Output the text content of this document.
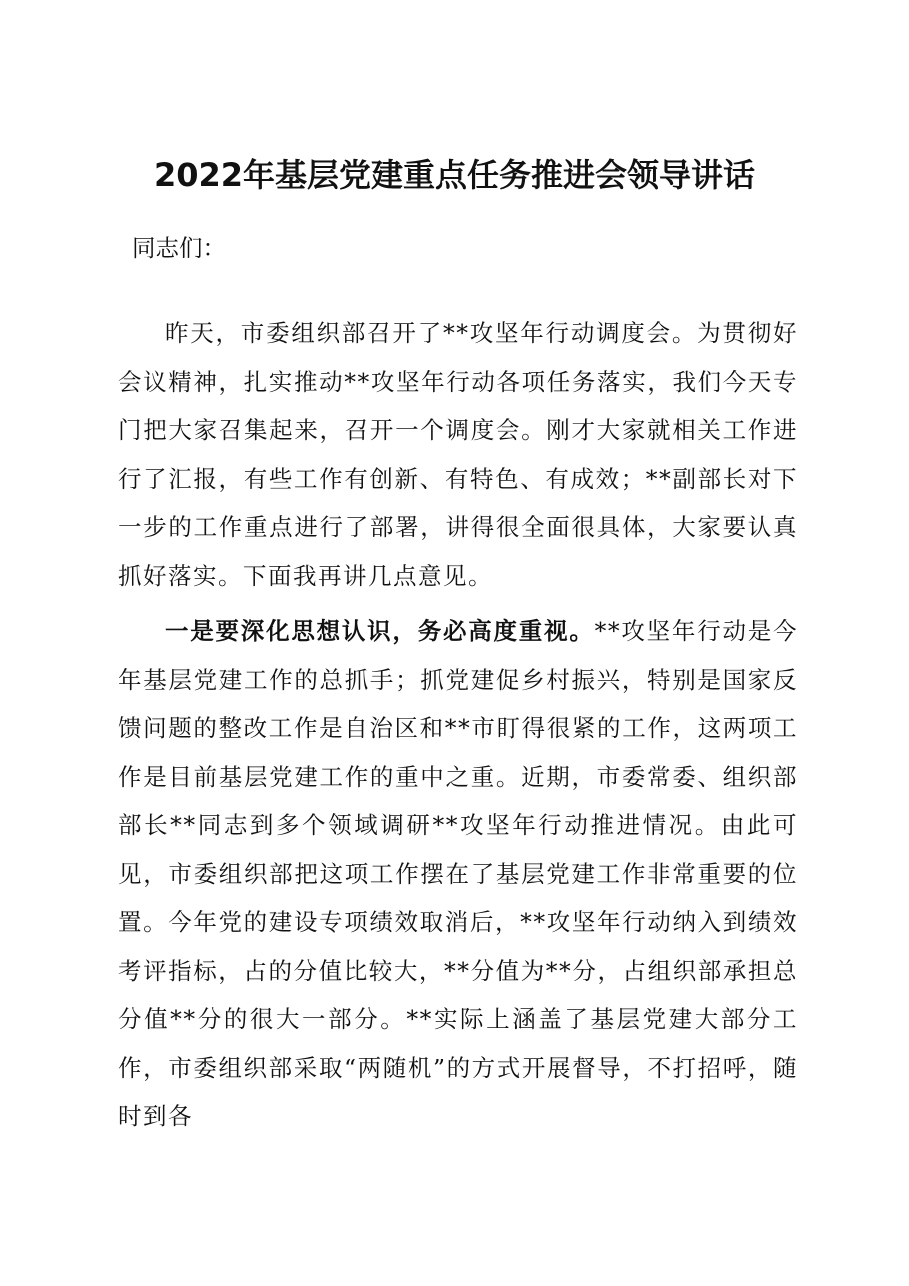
2022年基层党建重点任务推进会领导讲话
同志们：

昨天，市委组织部召开了**攻坚年行动调度会。为贯彻好会议精神，扎实推动**攻坚年行动各项任务落实，我们今天专门把大家召集起来，召开一个调度会。刚才大家就相关工作进行了汇报，有些工作有创新、有特色、有成效；**副部长对下一步的工作重点进行了部署，讲得很全面很具体，大家要认真抓好落实。下面我再讲几点意见。

一是要深化思想认识，务必高度重视。**攻坚年行动是今年基层党建工作的总抓手；抓党建促乡村振兴，特别是国家反馈问题的整改工作是自治区和**市盯得很紧的工作，这两项工作是目前基层党建工作的重中之重。近期，市委常委、组织部部长**同志到多个领域调研**攻坚年行动推进情况。由此可见，市委组织部把这项工作摆在了基层党建工作非常重要的位置。今年党的建设专项绩效取消后，**攻坚年行动纳入到绩效考评指标，占的分值比较大，**分值为**分，占组织部承担总分值**分的很大一部分。**实际上涵盖了基层党建大部分工作，市委组织部采取“两随机”的方式开展督导，不打招呼，随时到各
